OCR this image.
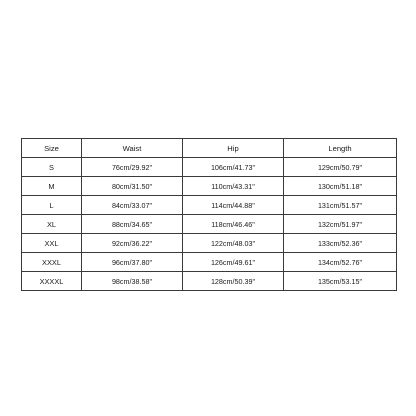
Size	Waist	Hip	Length
S	76cm/29.92"	106cm/41.73"	129cm/50.79"
M	80cm/31.50"	110cm/43.31"	130cm/51.18"
L	84cm/33.07"	114cm/44.88"	131cm/51.57"
XL	88cm/34.65"	118cm/46.46"	132cm/51.97"
XXL	92cm/36.22"	122cm/48.03"	133cm/52.36"
XXXL	96cm/37.80"	126cm/49.61"	134cm/52.76"
XXXXL	98cm/38.58"	128cm/50.39"	135cm/53.15"
